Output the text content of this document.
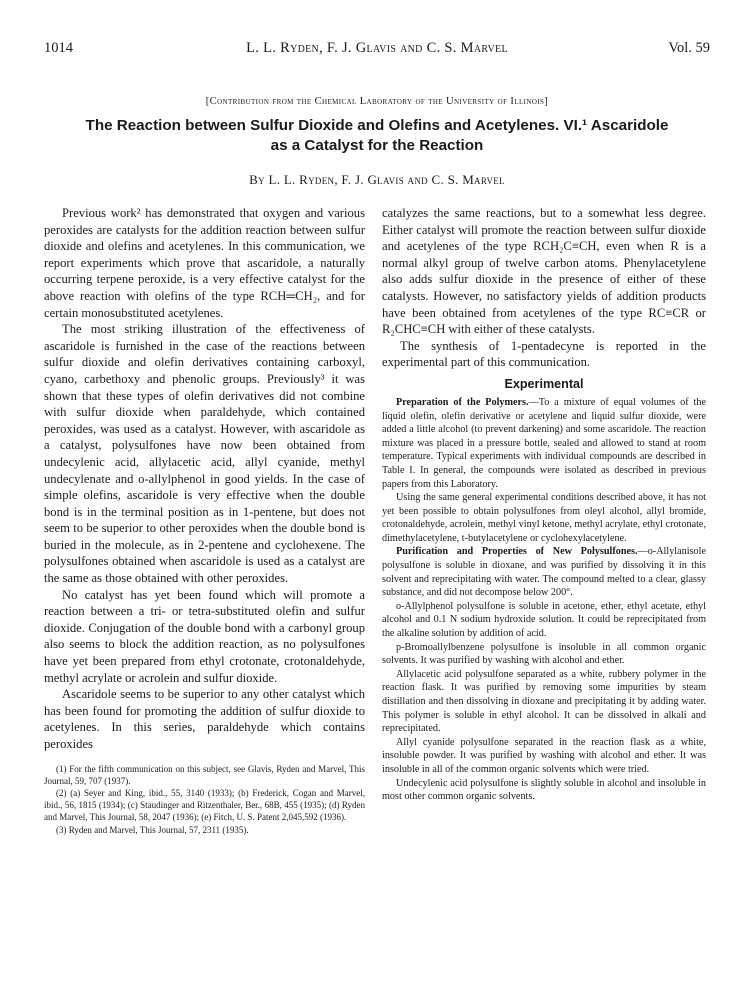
1014	L. L. Ryden, F. J. Glavis and C. S. Marvel	Vol. 59
[Contribution from the Chemical Laboratory of the University of Illinois]
The Reaction between Sulfur Dioxide and Olefins and Acetylenes. VI.¹ Ascaridole
as a Catalyst for the Reaction
By L. L. Ryden, F. J. Glavis and C. S. Marvel

Previous work² has demonstrated that oxygen and various peroxides are catalysts for the addition reaction between sulfur dioxide and olefins and acetylenes. In this communication, we report experiments which prove that ascaridole, a naturally occurring terpene peroxide, is a very effective catalyst for the above reaction with olefins of the type RCH═CH₂, and for certain monosubstituted acetylenes.

The most striking illustration of the effectiveness of ascaridole is furnished in the case of the reactions between sulfur dioxide and olefin derivatives containing carboxyl, cyano, carbethoxy and phenolic groups. Previously³ it was shown that these types of olefin derivatives did not combine with sulfur dioxide when paraldehyde, which contained peroxides, was used as a catalyst. However, with ascaridole as a catalyst, polysulfones have now been obtained from undecylenic acid, allylacetic acid, allyl cyanide, methyl undecylenate and o-allylphenol in good yields. In the case of simple olefins, ascaridole is very effective when the double bond is in the terminal position as in 1-pentene, but does not seem to be superior to other peroxides when the double bond is buried in the molecule, as in 2-pentene and cyclohexene. The polysulfones obtained when ascaridole is used as a catalyst are the same as those obtained with other peroxides.

No catalyst has yet been found which will promote a reaction between a tri- or tetra-substituted olefin and sulfur dioxide. Conjugation of the double bond with a carbonyl group also seems to block the addition reaction, as no polysulfones have yet been prepared from ethyl crotonate, crotonaldehyde, methyl acrylate or acrolein and sulfur dioxide.

Ascaridole seems to be superior to any other catalyst which has been found for promoting the addition of sulfur dioxide to acetylenes. In this series, paraldehyde which contains peroxides

(1) For the fifth communication on this subject, see Glavis, Ryden and Marvel, This Journal, 59, 707 (1937).

(2) (a) Seyer and King, ibid., 55, 3140 (1933); (b) Frederick, Cogan and Marvel, ibid., 56, 1815 (1934); (c) Staudinger and Ritzenthaler, Ber., 68B, 455 (1935); (d) Ryden and Marvel, This Journal, 58, 2047 (1936); (e) Fitch, U. S. Patent 2,045,592 (1936).

(3) Ryden and Marvel, This Journal, 57, 2311 (1935).

catalyzes the same reactions, but to a somewhat less degree. Either catalyst will promote the reaction between sulfur dioxide and acetylenes of the type RCH₂C≡CH, even when R is a normal alkyl group of twelve carbon atoms. Phenylacetylene also adds sulfur dioxide in the presence of either of these catalysts. However, no satisfactory yields of addition products have been obtained from acetylenes of the type RC≡CR or R₂CHC≡CH with either of these catalysts.

The synthesis of 1-pentadecyne is reported in the experimental part of this communication.

Experimental

Preparation of the Polymers.—To a mixture of equal volumes of the liquid olefin, olefin derivative or acetylene and liquid sulfur dioxide, were added a little alcohol (to prevent darkening) and some ascaridole. The reaction mixture was placed in a pressure bottle, sealed and allowed to stand at room temperature. Typical experiments with individual compounds are described in Table I. In general, the compounds were isolated as described in previous papers from this Laboratory.

Using the same general experimental conditions described above, it has not yet been possible to obtain polysulfones from oleyl alcohol, allyl bromide, crotonaldehyde, acrolein, methyl vinyl ketone, methyl acrylate, ethyl crotonate, dimethylacetylene, t-butylacetylene or cyclohexylacetylene.

Purification and Properties of New Polysulfones.—o-Allylanisole polysulfone is soluble in dioxane, and was purified by dissolving it in this solvent and reprecipitating with water. The compound melted to a clear, glassy substance, and did not decompose below 200°.

o-Allylphenol polysulfone is soluble in acetone, ether, ethyl acetate, ethyl alcohol and 0.1 N sodium hydroxide solution. It could be reprecipitated from the alkaline solution by addition of acid.

p-Bromoallylbenzene polysulfone is insoluble in all common organic solvents. It was purified by washing with alcohol and ether.

Allylacetic acid polysulfone separated as a white, rubbery polymer in the reaction flask. It was purified by removing some impurities by steam distillation and then dissolving in dioxane and precipitating it by adding water. This polymer is soluble in ethyl alcohol. It can be dissolved in alkali and reprecipitated.

Allyl cyanide polysulfone separated in the reaction flask as a white, insoluble powder. It was purified by washing with alcohol and ether. It was insoluble in all of the common organic solvents which were tried.

Undecylenic acid polysulfone is slightly soluble in alcohol and insoluble in most other common organic solvents.
